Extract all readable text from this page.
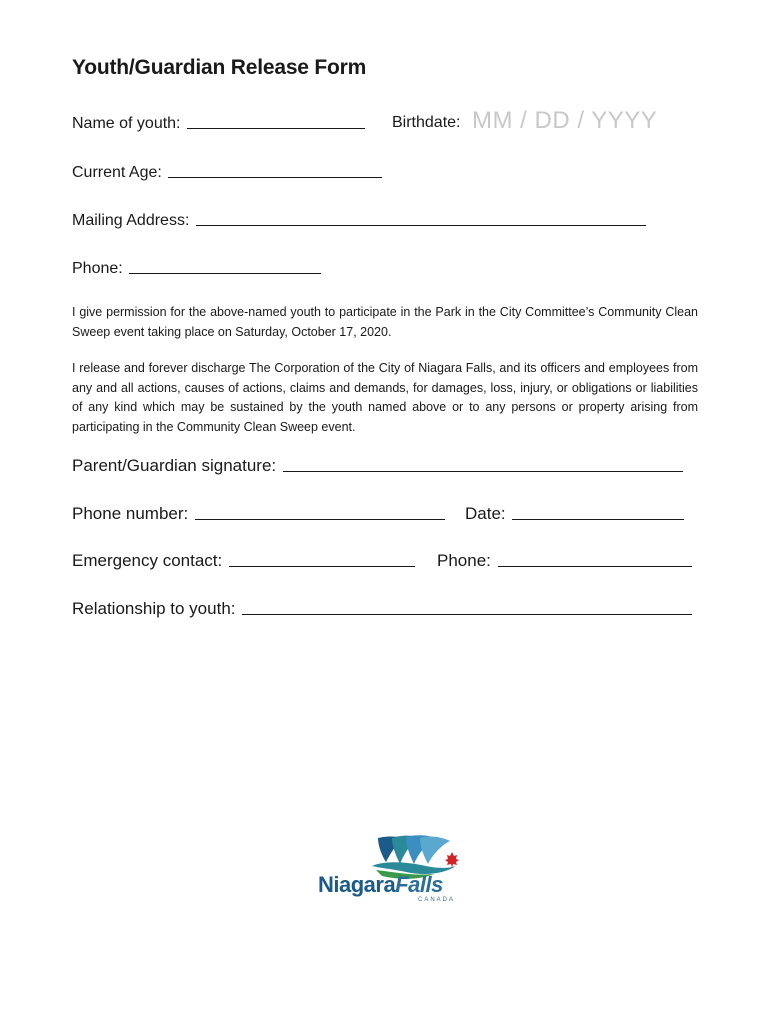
Youth/Guardian Release Form
Name of youth:	Birthdate: MM / DD / YYYY
Current Age:
Mailing Address:
Phone:
I give permission for the above-named youth to participate in the Park in the City Committee’s Community Clean Sweep event taking place on Saturday, October 17, 2020.
I release and forever discharge The Corporation of the City of Niagara Falls, and its officers and employees from any and all actions, causes of actions, claims and demands, for damages, loss, injury, or obligations or liabilities of any kind which may be sustained by the youth named above or to any persons or property arising from participating in the Community Clean Sweep event.
Parent/Guardian signature:
Phone number:	Date:
Emergency contact:	Phone:
Relationship to youth:
NiagaraFalls
CANADA
